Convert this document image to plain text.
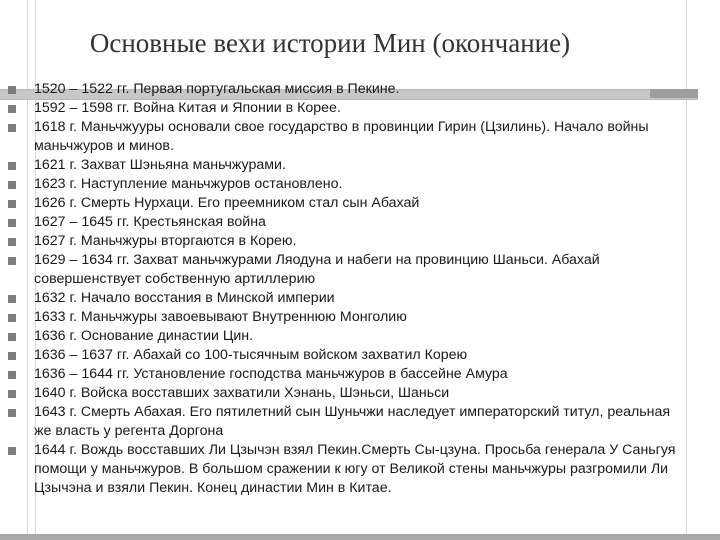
Основные вехи истории Мин (окончание)
1520 – 1522 гг. Первая португальская миссия в Пекине.
1592 – 1598 гг. Война Китая и Японии в Корее.
1618 г. Маньчжууры основали свое государство в провинции Гирин (Цзилинь). Начало войны маньчжуров и минов.
1621 г. Захват Шэньяна маньчжурами.
1623 г. Наступление маньчжуров остановлено.
1626 г. Смерть Нурхаци. Его преемником стал сын Абахай
1627 – 1645 гг. Крестьянская война
1627 г. Маньчжуры вторгаются в Корею.
1629 – 1634 гг. Захват маньчжурами Ляодуна и набеги на провинцию Шаньси. Абахай совершенствует собственную артиллерию
1632 г. Начало восстания в Минской империи
1633 г. Маньчжуры завоевывают Внутреннюю Монголию
1636 г. Основание династии Цин.
1636 – 1637 гг. Абахай со 100-тысячным войском захватил Корею
1636 – 1644 гг. Установление господства маньчжуров в бассейне Амура
1640 г. Войска восставших захватили Хэнань, Шэньси, Шаньси
1643 г. Смерть Абахая. Его пятилетний сын Шуньчжи наследует императорский титул, реальная же власть у регента Доргона
1644 г. Вождь восставших Ли Цзычэн взял Пекин.Смерть Сы-цзуна. Просьба генерала У Саньгуя помощи у маньчжуров. В большом сражении к югу от Великой стены маньчжуры разгромили Ли Цзычэна и взяли Пекин. Конец династии Мин в Китае.
